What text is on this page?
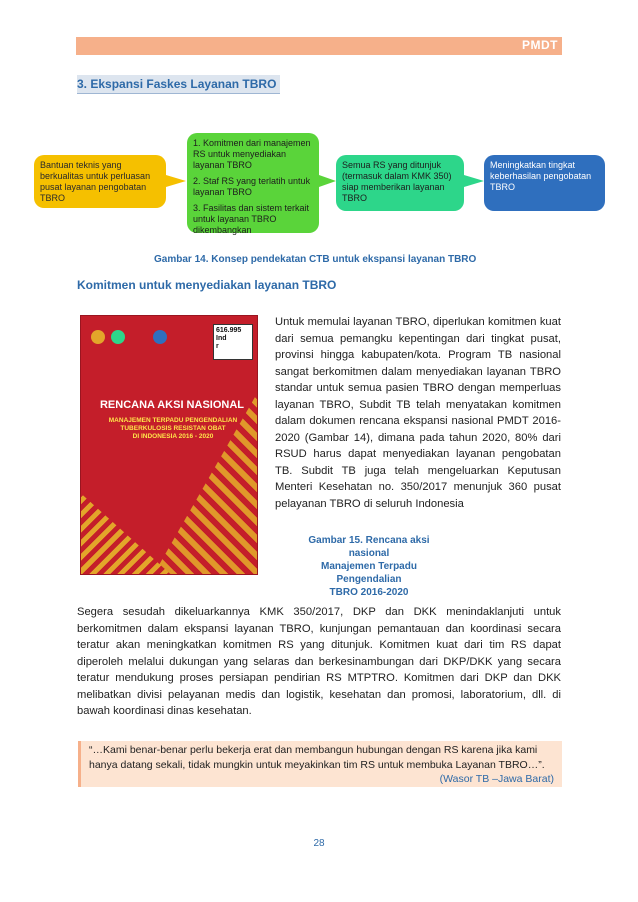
PMDT
3. Ekspansi Faskes Layanan TBRO
Bantuan teknis yang berkualitas untuk perluasan pusat layanan pengobatan TBRO

1. Komitmen dari manajemen RS untuk menyediakan layanan TBRO

2. Staf RS yang terlatih untuk layanan TBRO

3. Fasilitas dan sistem terkait untuk layanan TBRO dikembangkan

Semua RS yang ditunjuk (termasuk dalam KMK 350) siap memberikan layanan TBRO
Meningkatkan tingkat keberhasilan pengobatan TBRO
Gambar 14. Konsep pendekatan CTB untuk ekspansi layanan TBRO
Komitmen untuk menyediakan layanan TBRO
616.995
Ind
r
RENCANA AKSI NASIONAL
MANAJEMEN TERPADU PENGENDALIAN
TUBERKULOSIS RESISTAN OBAT
DI INDONESIA 2016 - 2020
Untuk memulai layanan TBRO, diperlukan komitmen kuat dari semua pemangku kepentingan dari tingkat pusat, provinsi hingga kabupaten/kota. Program TB nasional sangat berkomitmen dalam menyediakan layanan TBRO standar untuk semua pasien TBRO dengan memperluas layanan TBRO, Subdit TB telah menyatakan komitmen dalam dokumen rencana ekspansi nasional PMDT 2016-2020 (Gambar 14), dimana pada tahun 2020, 80% dari RSUD harus dapat menyediakan layanan pengobatan TB. Subdit TB juga telah mengeluarkan Keputusan Menteri Kesehatan no. 350/2017 menunjuk 360 pusat pelayanan TBRO di seluruh Indonesia
Gambar 15. Rencana aksi nasional
Manajemen Terpadu Pengendalian
TBRO 2016-2020
Segera sesudah dikeluarkannya KMK 350/2017, DKP dan DKK menindaklanjuti untuk berkomitmen dalam ekspansi layanan TBRO, kunjungan pemantauan dan koordinasi secara teratur akan meningkatkan komitmen RS yang ditunjuk. Komitmen kuat dari tim RS dapat diperoleh melalui dukungan yang selaras dan berkesinambungan dari DKP/DKK yang secara teratur mendukung proses persiapan pendirian RS MTPTRO. Komitmen dari DKP dan DKK melibatkan divisi pelayanan medis dan logistik, kesehatan dan promosi, laboratorium, dll. di bawah koordinasi dinas kesehatan.
“…Kami benar-benar perlu bekerja erat dan membangun hubungan dengan RS karena jika kami hanya datang sekali, tidak mungkin untuk meyakinkan tim RS untuk membuka Layanan TBRO…”.
(Wasor TB –Jawa Barat)
28
